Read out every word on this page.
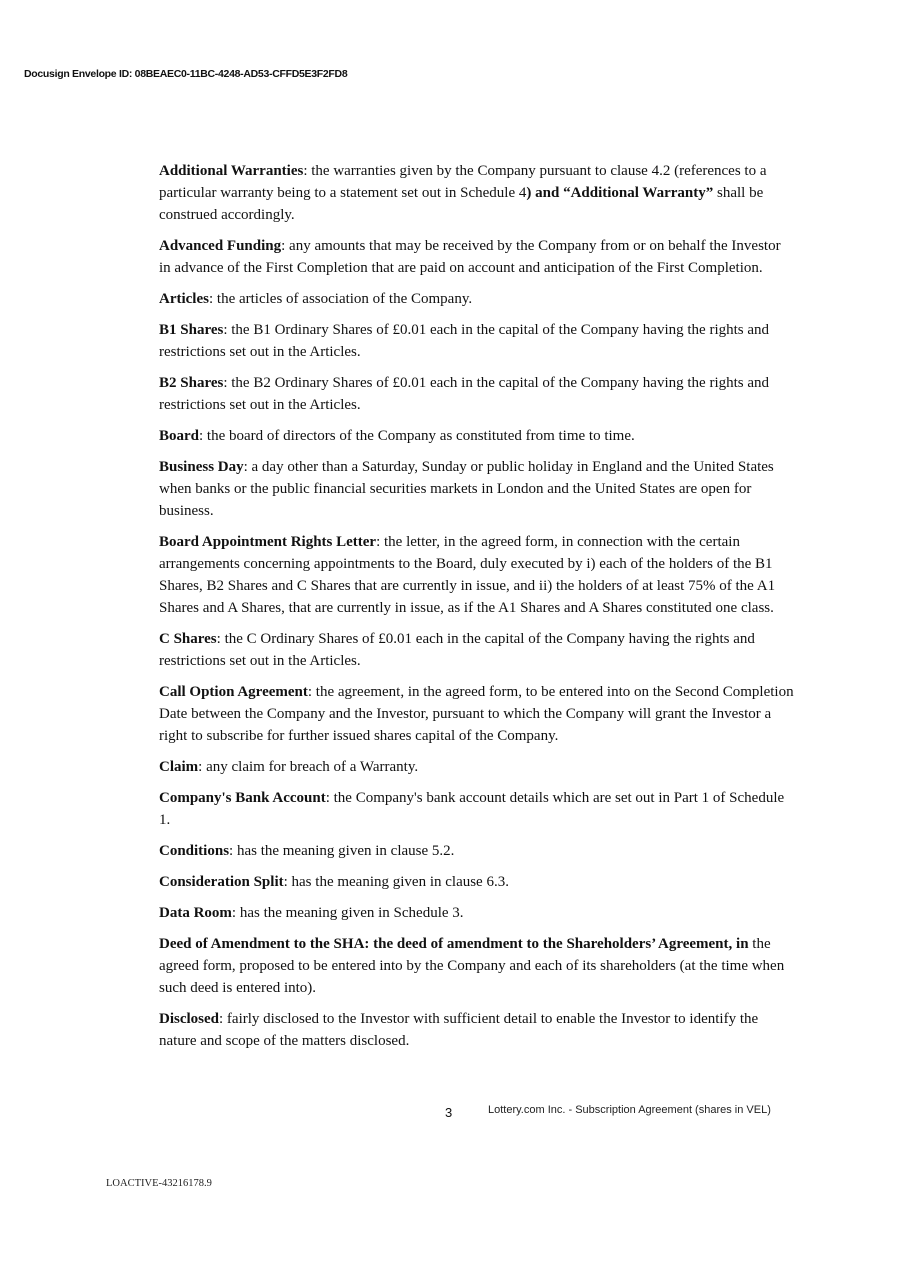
Docusign Envelope ID: 08BEAEC0-11BC-4248-AD53-CFFD5E3F2FD8

Additional Warranties: the warranties given by the Company pursuant to clause 4.2 (references to a particular warranty being to a statement set out in Schedule 4) and “Additional Warranty” shall be construed accordingly.

Advanced Funding: any amounts that may be received by the Company from or on behalf the Investor in advance of the First Completion that are paid on account and anticipation of the First Completion.

Articles: the articles of association of the Company.

B1 Shares: the B1 Ordinary Shares of £0.01 each in the capital of the Company having the rights and restrictions set out in the Articles.

B2 Shares: the B2 Ordinary Shares of £0.01 each in the capital of the Company having the rights and restrictions set out in the Articles.

Board: the board of directors of the Company as constituted from time to time.

Business Day: a day other than a Saturday, Sunday or public holiday in England and the United States when banks or the public financial securities markets in London and the United States are open for business.

Board Appointment Rights Letter: the letter, in the agreed form, in connection with the certain arrangements concerning appointments to the Board, duly executed by i) each of the holders of the B1 Shares, B2 Shares and C Shares that are currently in issue, and ii) the holders of at least 75% of the A1 Shares and A Shares, that are currently in issue, as if the A1 Shares and A Shares constituted one class.

C Shares: the C Ordinary Shares of £0.01 each in the capital of the Company having the rights and restrictions set out in the Articles.

Call Option Agreement: the agreement, in the agreed form, to be entered into on the Second Completion Date between the Company and the Investor, pursuant to which the Company will grant the Investor a right to subscribe for further issued shares capital of the Company.

Claim: any claim for breach of a Warranty.

Company's Bank Account: the Company's bank account details which are set out in Part 1 of Schedule 1.

Conditions: has the meaning given in clause 5.2.

Consideration Split: has the meaning given in clause 6.3.

Data Room: has the meaning given in Schedule 3.

Deed of Amendment to the SHA: the deed of amendment to the Shareholders’ Agreement, in the agreed form, proposed to be entered into by the Company and each of its shareholders (at the time when such deed is entered into).

Disclosed: fairly disclosed to the Investor with sufficient detail to enable the Investor to identify the nature and scope of the matters disclosed.

3	Lottery.com Inc. - Subscription Agreement (shares in VEL)
LOACTIVE-43216178.9
